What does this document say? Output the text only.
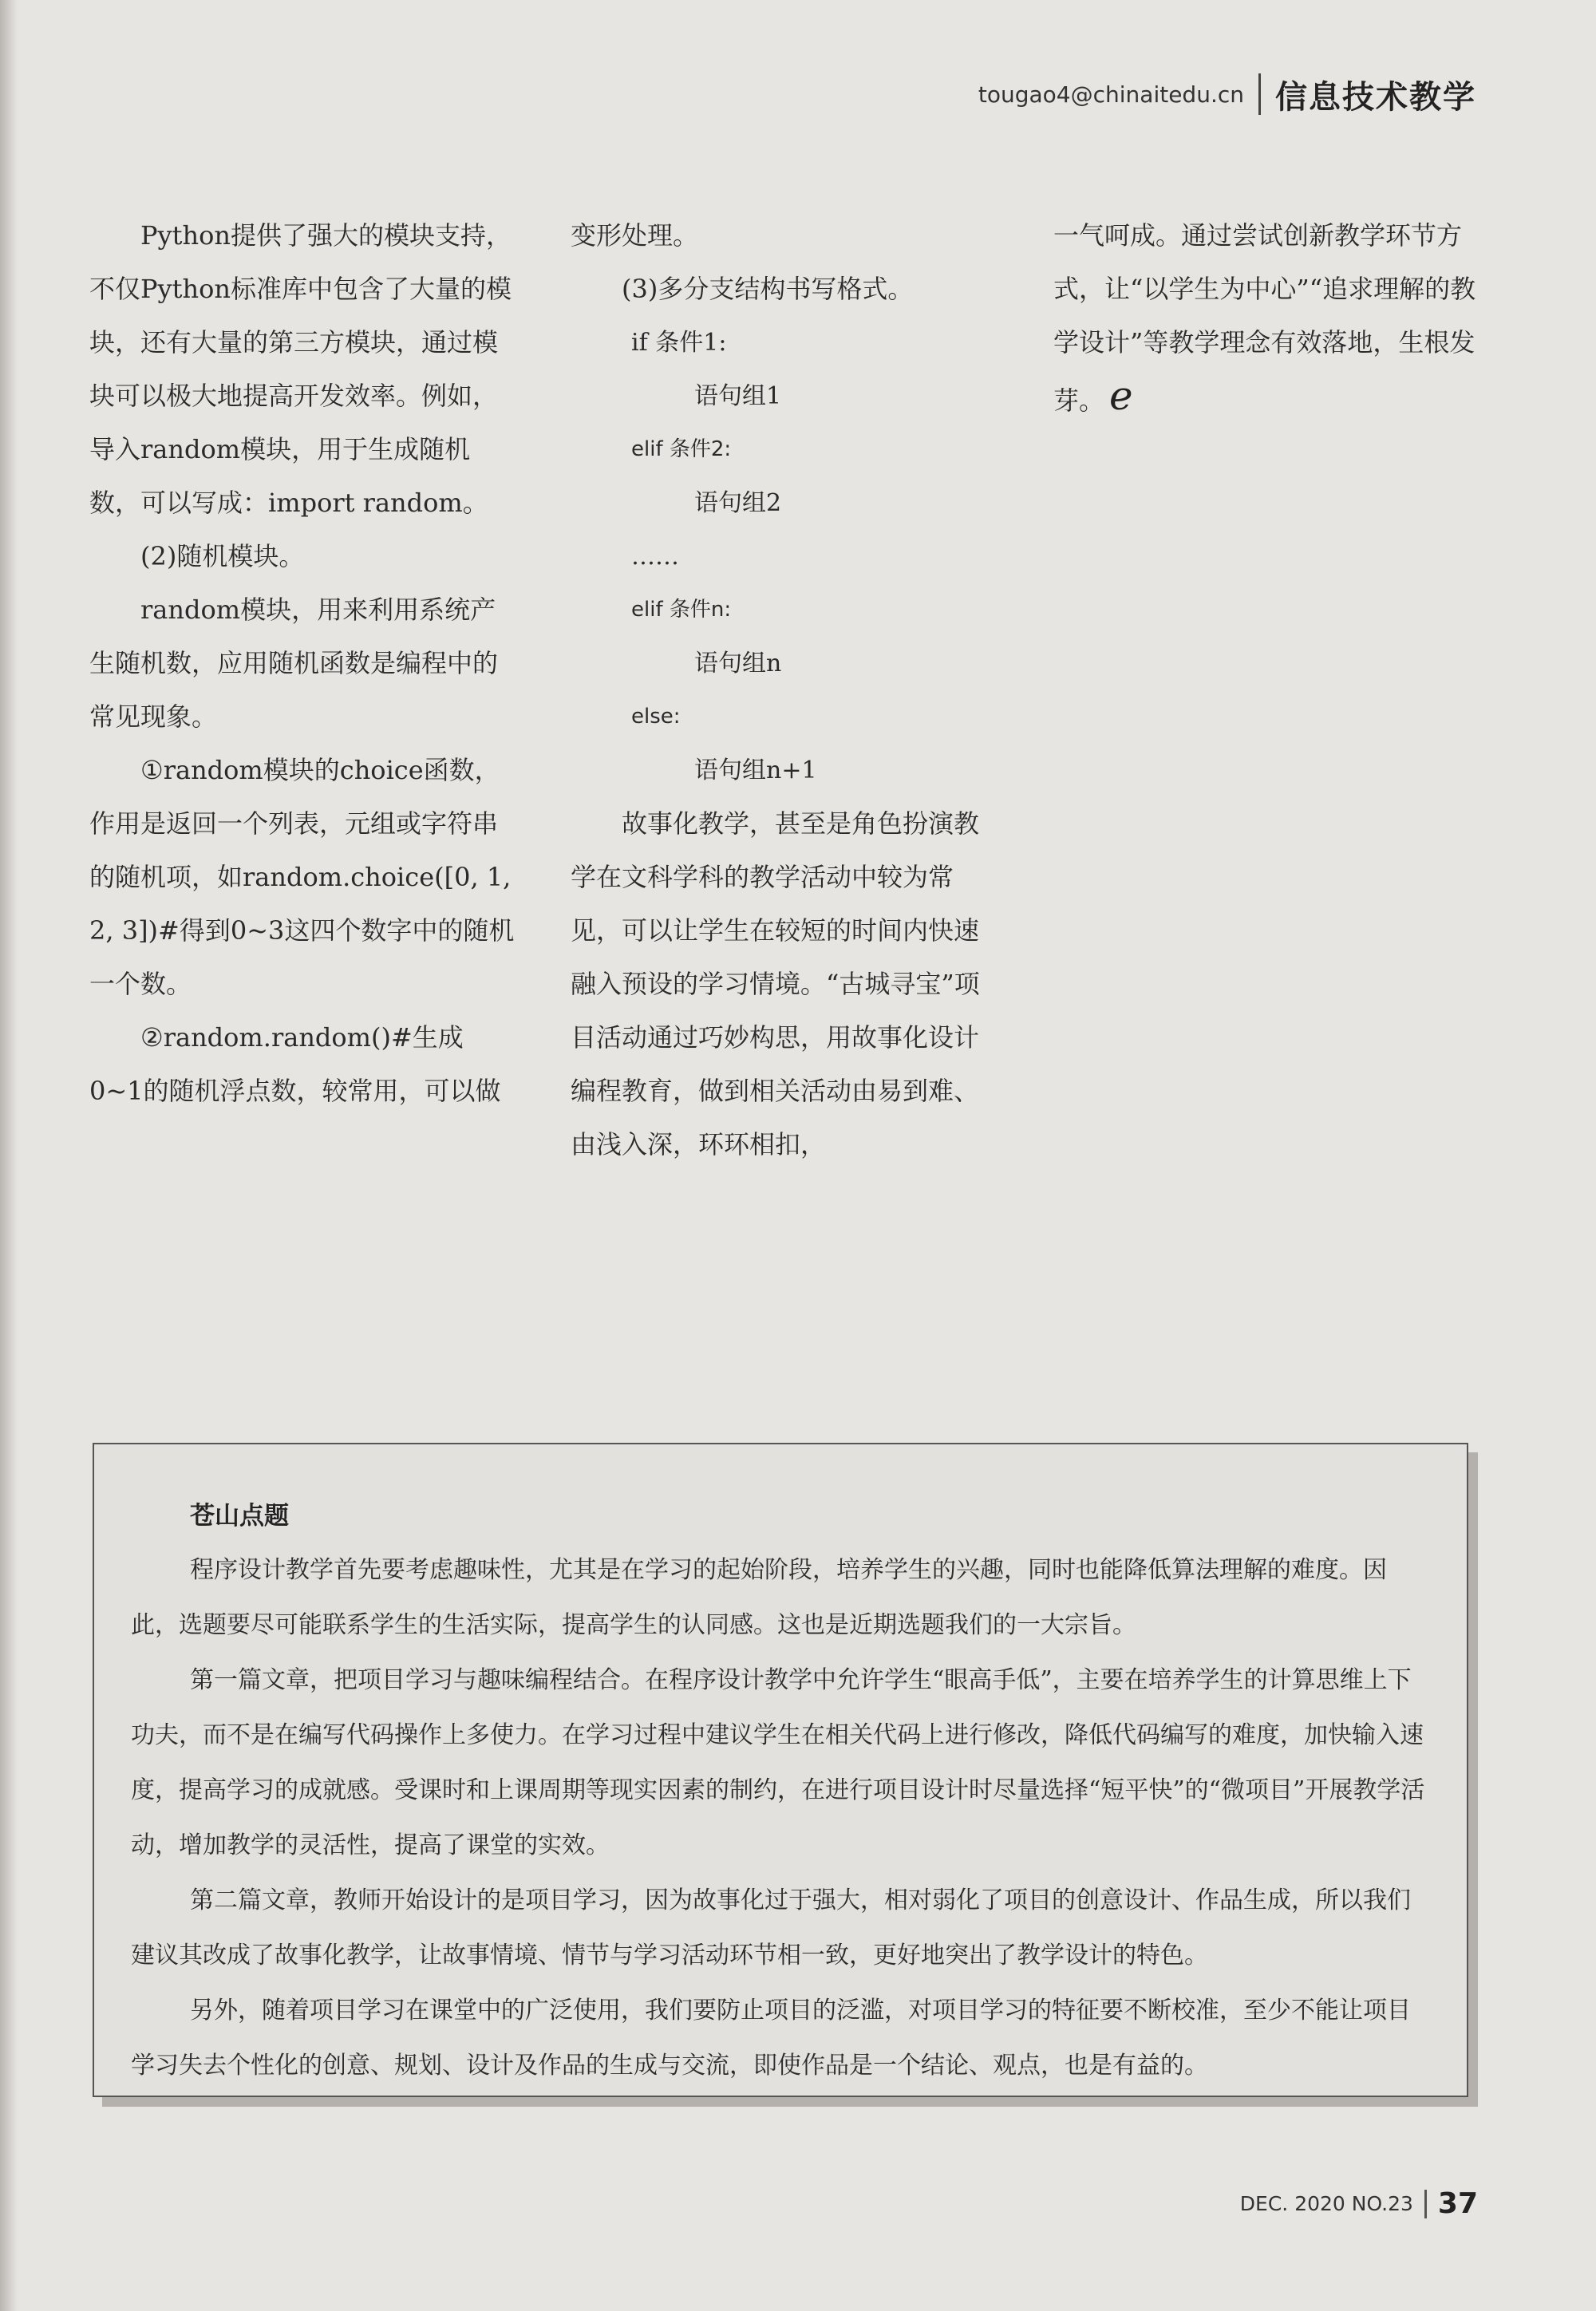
tougao4@chinaitedu.cn 信息技术教学

Python提供了强大的模块支持，不仅Python标准库中包含了大量的模块，还有大量的第三方模块，通过模块可以极大地提高开发效率。例如，导入random模块，用于生成随机数，可以写成：import random。

(2)随机模块。

random模块，用来利用系统产生随机数，应用随机函数是编程中的常见现象。

①random模块的choice函数，作用是返回一个列表，元组或字符串的随机项，如random.choice([0, 1, 2, 3])#得到0~3这四个数字中的随机一个数。

②random.random()#生成0~1的随机浮点数，较常用，可以做

变形处理。

(3)多分支结构书写格式。

if 条件1:
语句组1
elif 条件2:
语句组2
……
elif 条件n:
语句组n
else:
语句组n+1

故事化教学，甚至是角色扮演教学在文科学科的教学活动中较为常见，可以让学生在较短的时间内快速融入预设的学习情境。“古城寻宝”项目活动通过巧妙构思，用故事化设计编程教育，做到相关活动由易到难、由浅入深，环环相扣，

一气呵成。通过尝试创新教学环节方式，让“以学生为中心”“追求理解的教学设计”等教学理念有效落地，生根发芽。 e

苍山点题

程序设计教学首先要考虑趣味性，尤其是在学习的起始阶段，培养学生的兴趣，同时也能降低算法理解的难度。因此，选题要尽可能联系学生的生活实际，提高学生的认同感。这也是近期选题我们的一大宗旨。

第一篇文章，把项目学习与趣味编程结合。在程序设计教学中允许学生“眼高手低”，主要在培养学生的计算思维上下功夫，而不是在编写代码操作上多使力。在学习过程中建议学生在相关代码上进行修改，降低代码编写的难度，加快输入速度，提高学习的成就感。受课时和上课周期等现实因素的制约，在进行项目设计时尽量选择“短平快”的“微项目”开展教学活动，增加教学的灵活性，提高了课堂的实效。

第二篇文章，教师开始设计的是项目学习，因为故事化过于强大，相对弱化了项目的创意设计、作品生成，所以我们建议其改成了故事化教学，让故事情境、情节与学习活动环节相一致，更好地突出了教学设计的特色。

另外，随着项目学习在课堂中的广泛使用，我们要防止项目的泛滥，对项目学习的特征要不断校准，至少不能让项目学习失去个性化的创意、规划、设计及作品的生成与交流，即使作品是一个结论、观点，也是有益的。

DEC. 2020 NO.23 37
